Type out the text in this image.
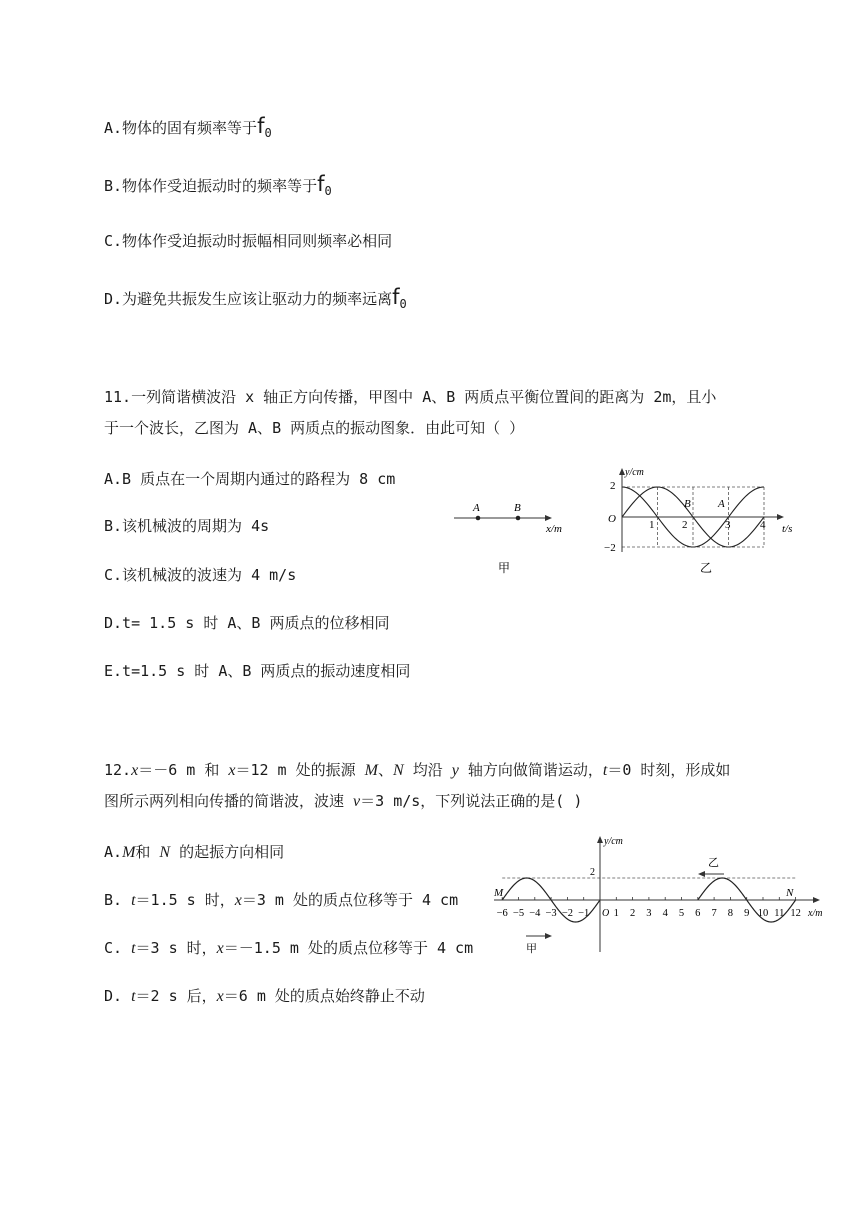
A.物体的固有频率等于$f_0$
B.物体作受迫振动时的频率等于$f_0$
C.物体作受迫振动时振幅相同则频率必相同
D.为避免共振发生应该让驱动力的频率远离$f_0$
11.一列简谐横波沿 x 轴正方向传播，甲图中 A、B 两质点平衡位置间的距离为 2m，且小
于一个波长，乙图为 A、B 两质点的振动图象．由此可知（ ）
A.B 质点在一个周期内通过的路程为 8 cm
B.该机械波的周期为 4s
C.该机械波的波速为 4 m/s
D.t= 1.5 s 时 A、B 两质点的位移相同
E.t=1.5 s 时 A、B 两质点的振动速度相同
A	B
x/m
甲
y/cm
t/s
O
2
−2
1	2	3	4
B A
乙
12.x＝－6 m 和 x＝12 m 处的振源 M、N 均沿 y 轴方向做简谐运动，t＝0 时刻，形成如
图所示两列相向传播的简谐波，波速 v＝3 m/s，下列说法正确的是( )
A.M和 N 的起振方向相同
B. t＝1.5 s 时，x＝3 m 处的质点位移等于 4 cm
C. t＝3 s 时，x＝－1.5 m 处的质点位移等于 4 cm
D. t＝2 s 后，x＝6 m 处的质点始终静止不动
y/cm
x/m
O
2
M	N
−6 −5 −4 −3 −2 −1 1 2 3 4 5 6 7 8 9 10 11 12
甲
乙
